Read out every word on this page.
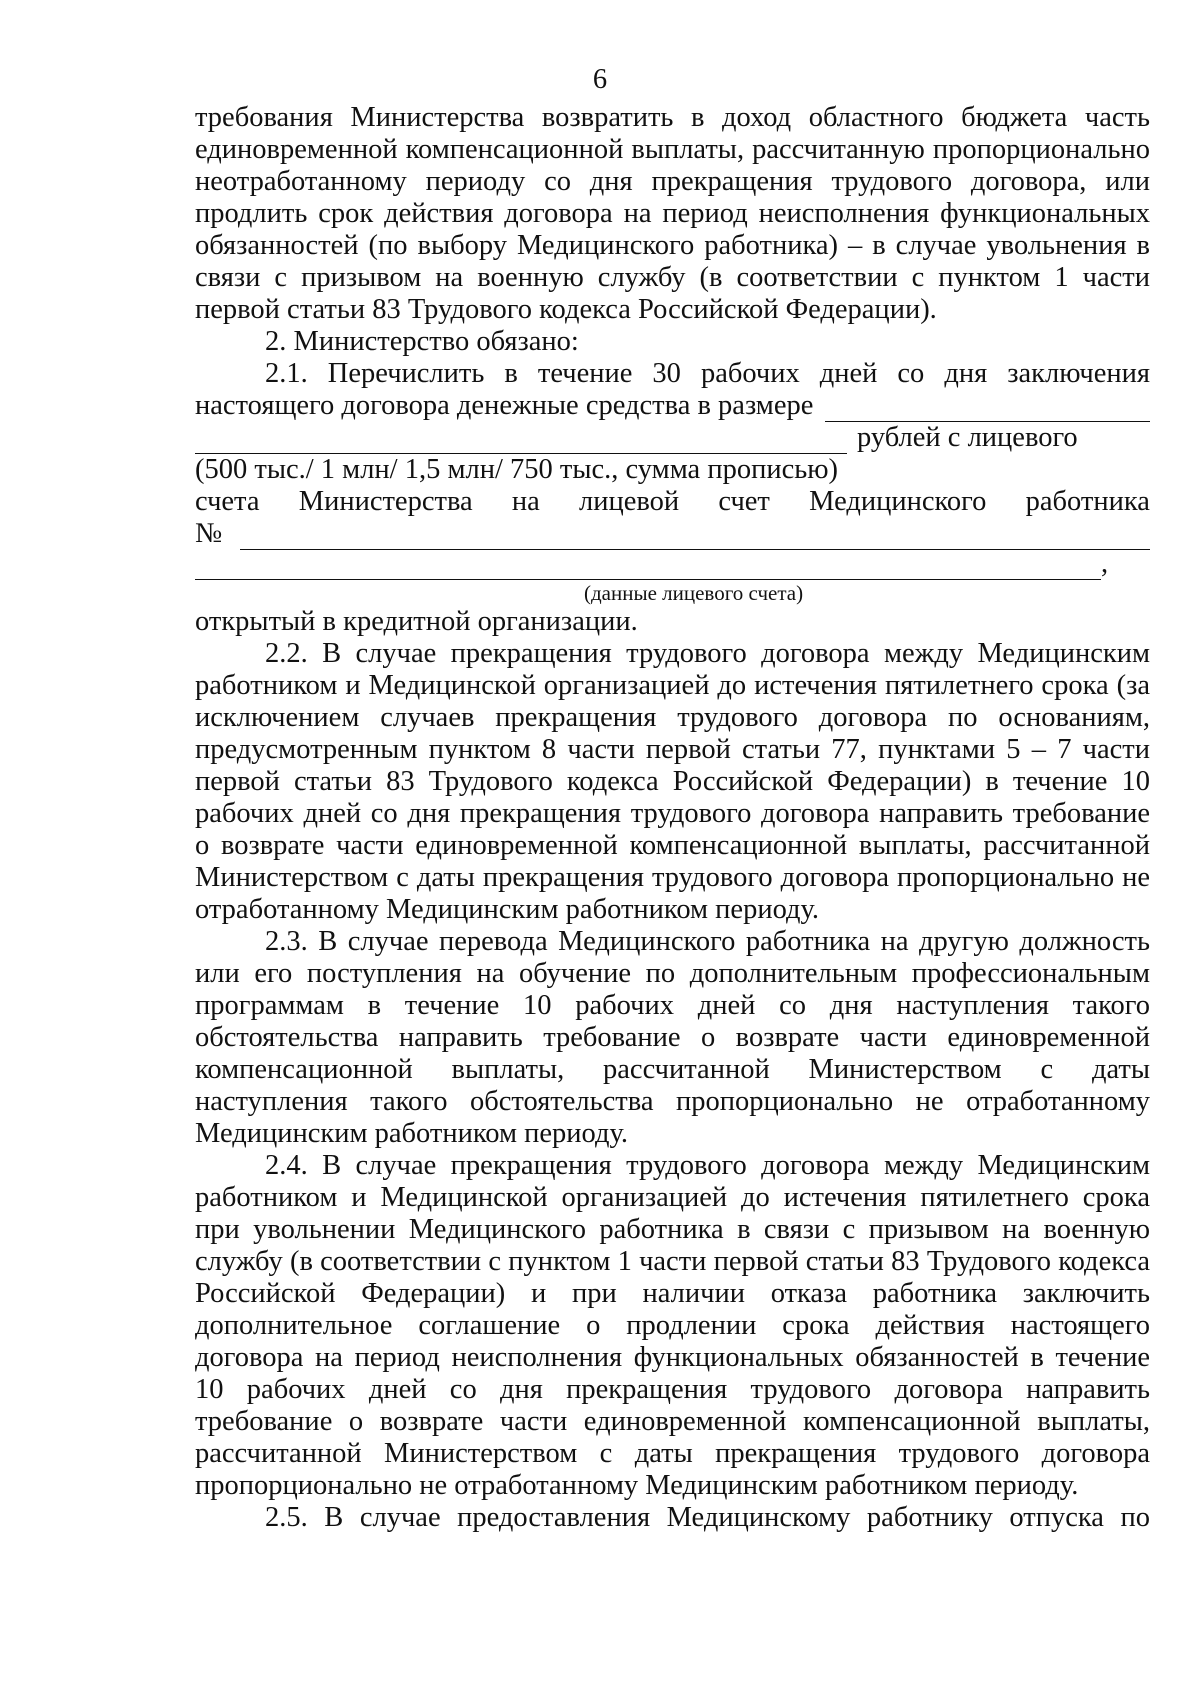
6

требования Министерства возвратить в доход областного бюджета часть единовременной компенсационной выплаты, рассчитанную пропорционально неотработанному периоду со дня прекращения трудового договора, или продлить срок действия договора на период неисполнения функциональных обязанностей (по выбору Медицинского работника) – в случае увольнения в связи с призывом на военную службу (в соответствии с пунктом 1 части первой статьи 83 Трудового кодекса Российской Федерации).

2. Министерство обязано:

2.1. Перечислить в течение 30 рабочих дней со дня заключения
настоящего договора денежные средства в размере
рублей с лицевого
(500 тыс./ 1 млн/ 1,5 млн/ 750 тыс., сумма прописью)
счета Министерства на лицевой счет Медицинского работника
№
,
(данные лицевого счета)

открытый в кредитной организации.

2.2. В случае прекращения трудового договора между Медицинским работником и Медицинской организацией до истечения пятилетнего срока (за исключением случаев прекращения трудового договора по основаниям, предусмотренным пунктом 8 части первой статьи 77, пунктами 5 – 7 части первой статьи 83 Трудового кодекса Российской Федерации) в течение 10 рабочих дней со дня прекращения трудового договора направить требование о возврате части единовременной компенсационной выплаты, рассчитанной Министерством с даты прекращения трудового договора пропорционально не отработанному Медицинским работником периоду.

2.3. В случае перевода Медицинского работника на другую должность или его поступления на обучение по дополнительным профессиональным программам в течение 10 рабочих дней со дня наступления такого обстоятельства направить требование о возврате части единовременной компенсационной выплаты, рассчитанной Министерством с даты наступления такого обстоятельства пропорционально не отработанному Медицинским работником периоду.

2.4. В случае прекращения трудового договора между Медицинским работником и Медицинской организацией до истечения пятилетнего срока при увольнении Медицинского работника в связи с призывом на военную службу (в соответствии с пунктом 1 части первой статьи 83 Трудового кодекса Российской Федерации) и при наличии отказа работника заключить дополнительное соглашение о продлении срока действия настоящего договора на период неисполнения функциональных обязанностей в течение 10 рабочих дней со дня прекращения трудового договора направить требование о возврате части единовременной компенсационной выплаты, рассчитанной Министерством с даты прекращения трудового договора пропорционально не отработанному Медицинским работником периоду.

2.5. В случае предоставления Медицинскому работнику отпуска по
